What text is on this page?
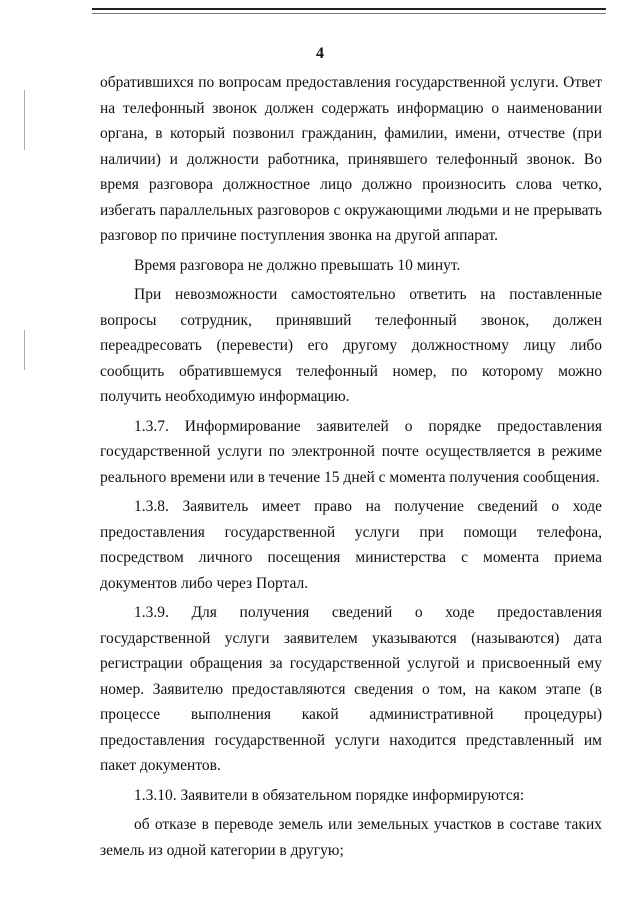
4

обратившихся по вопросам предоставления государственной услуги. Ответ на телефонный звонок должен содержать информацию о наименовании органа, в который позвонил гражданин, фамилии, имени, отчестве (при наличии) и должности работника, принявшего телефонный звонок. Во время разговора должностное лицо должно произносить слова четко, избегать параллельных разговоров с окружающими людьми и не прерывать разговор по причине поступления звонка на другой аппарат.

Время разговора не должно превышать 10 минут.

При невозможности самостоятельно ответить на поставленные вопросы сотрудник, принявший телефонный звонок, должен переадресовать (перевести) его другому должностному лицу либо сообщить обратившемуся телефонный номер, по которому можно получить необходимую информацию.

1.3.7. Информирование заявителей о порядке предоставления государственной услуги по электронной почте осуществляется в режиме реального времени или в течение 15 дней с момента получения сообщения.

1.3.8. Заявитель имеет право на получение сведений о ходе предоставления государственной услуги при помощи телефона, посредством личного посещения министерства с момента приема документов либо через Портал.

1.3.9. Для получения сведений о ходе предоставления государственной услуги заявителем указываются (называются) дата регистрации обращения за государственной услугой и присвоенный ему номер. Заявителю предоставляются сведения о том, на каком этапе (в процессе выполнения какой административной процедуры) предоставления государственной услуги находится представленный им пакет документов.

1.3.10. Заявители в обязательном порядке информируются:

об отказе в переводе земель или земельных участков в составе таких земель из одной категории в другую;
